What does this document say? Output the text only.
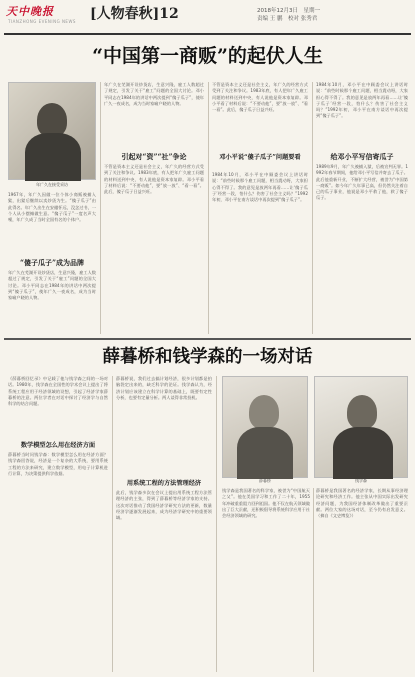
天中晚报
TIANZHONG EVENING NEWS [人物春秋]12	2018年12月3日　星期一
责编 王 鹏　校对 张秀君
“中国第一商贩”的起伏人生
年广久在接受采访
1967年，年广久因做一位个体小商贩被捕入狱，出狱后继续以卖炒货为生。“傻子瓜子”由此得名。年广久出生在安徽怀远，没念过书，一个人从小摆摊做生意。“傻子瓜子”一度名声大噪，年广久成了当时全国有名的个体户。
“傻子瓜子”成为品牌
年广久在芜湖开设炒货店，生意兴隆，雇工人数超过了规定，引发了关于“雇工”问题的全国大讨论。邓小平同志在1984年的讲话中两次提到“傻子瓜子”，使年广久一夜成名，成为当时家喻户晓的人物。
年广久在芜湖开设炒货店，生意兴隆，雇工人数超过了规定，引发了关于“雇工”问题的全国大讨论。邓小平同志在1984年的讲话中两次提到“傻子瓜子”，使年广久一夜成名，成为当时家喻户晓的人物。
引起对“资”“社”争论
不管是资本主义还是社会主义，年广久的经营方式受到了关注和争议。1983年底，有人把年广久雇工问题的材料送到中央，有人说他是资本家复辟。邓小平看了材料后说：“不要动他”，要“放一放”、“看一看”。此后，傻子瓜子日益兴旺。
不管是资本主义还是社会主义，年广久的经营方式受到了关注和争议。1983年底，有人把年广久雇工问题的材料送到中央，有人说他是资本家复辟。邓小平看了材料后说：“不要动他”，要“放一放”、“看一看”。此后，傻子瓜子日益兴旺。
邓小平说“傻子瓜子”问题要看
1984年10月，邓小平在中顾委会议上讲话时说：“前些时候那个雇工问题，相当震动呀，大家担心得不得了。我的意见是放两年再看……让‘傻子瓜子’经营一段，怕什么？伤害了社会主义吗？”1992年初，邓小平在南方谈话中再次提到“傻子瓜子”。
1984年10月，邓小平在中顾委会议上讲话时说：“前些时候那个雇工问题，相当震动呀，大家担心得不得了。我的意见是放两年再看……让‘傻子瓜子’经营一段，怕什么？伤害了社会主义吗？”1992年初，邓小平在南方谈话中再次提到“傻子瓜子”。
给邓小平写信寄瓜子
1989年9月，年广久被捕入狱，后被宣判无罪。1992年春节期间，他给邓小平写信并寄去了瓜子。此后他重新开业，不断扩大经营，被誉为“中国第一商贩”。如今年广久年事已高，但仍然关注着自己的瓜子事业，他说是邓小平救了他，救了傻子瓜子。
薛暮桥和钱学森的一场对话
《薛暮桥回忆录》中记载了他与钱学森之间的一场对话。1980年，钱学森在全国性的学术会议上提出了将系统工程应用于经济领域的设想，引起了经济学家薛暮桥的注意。两位学者在对话中探讨了经济学与自然科学的结合问题。
数学模型怎么用在经济方面
薛暮桥当时问钱学森：数学模型怎么用在经济方面？钱学森回答说，经济是一个复杂的大系统，要用系统工程的方法来研究，建立数学模型，用电子计算机进行计算，为决策提供科学依据。
薛暮桥说，我们过去搞计划经济，很多计划都是拍脑袋定出来的，缺乏科学的论证。钱学森认为，经济计划应该建立在科学计算的基础上，既要有定性分析，也要有定量分析。两人谈得非常投机。
用系统工程的方法管理经济
此后，钱学森多次在会议上提出用系统工程方法管理经济的主张，得到了薛暮桥等经济学家的支持。这次对话推动了我国经济学研究方法的更新，数量经济学逐渐发展起来，成为经济学研究中的重要领域。
薛暮桥	钱学森
钱学森是我国著名的科学家，被誉为“中国航天之父”。他在美国学习和工作了二十年，1955年冲破重重阻力回到祖国。他不仅在航天领域做出了巨大贡献，还积极倡导将系统科学应用于社会经济领域的研究。
薛暮桥是我国著名的经济学家，长期从事经济理论研究和经济工作。他主张从中国实际出发研究经济问题，为我国经济体制改革做出了重要贡献。两位大家的这场对话，至今仍有启发意义。（摘自《文史博览》）
